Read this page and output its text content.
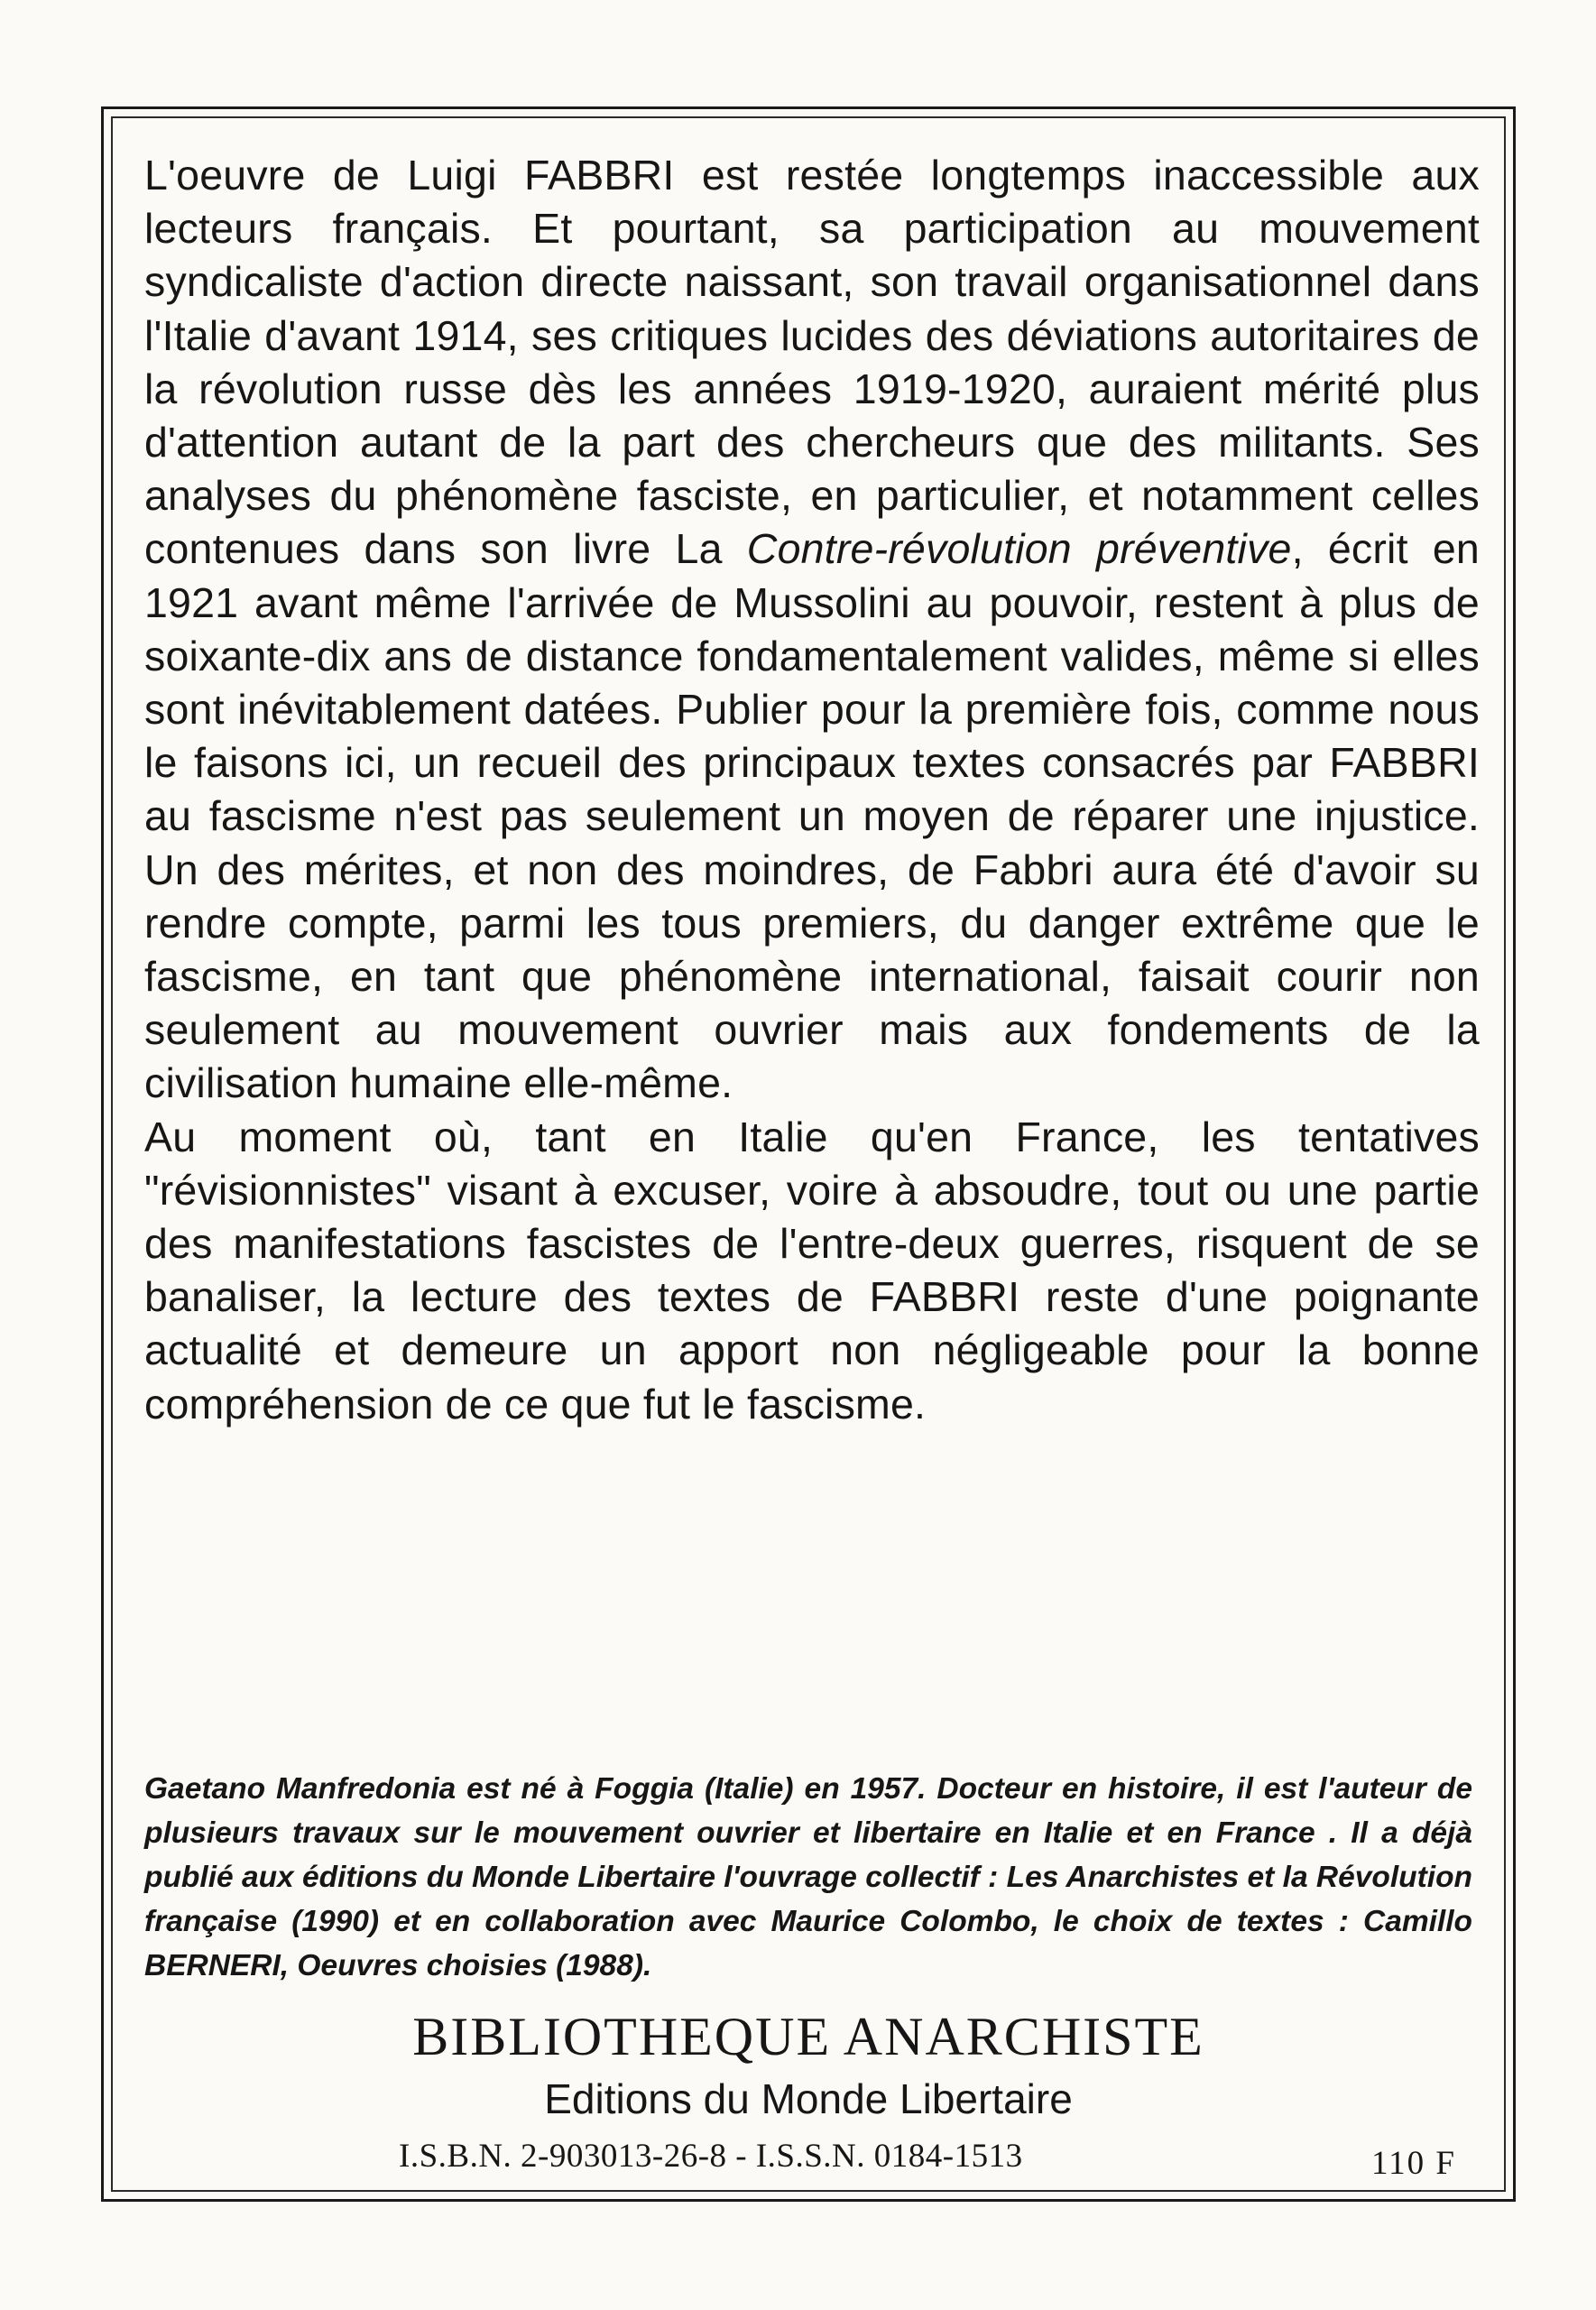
L'oeuvre de Luigi FABBRI est restée longtemps inaccessible aux lecteurs français. Et pourtant, sa participation au mouvement syndicaliste d'action directe naissant, son travail organisationnel dans l'Italie d'avant 1914, ses critiques lucides des déviations autoritaires de la révolution russe dès les années 1919-1920, auraient mérité plus d'attention autant de la part des chercheurs que des militants. Ses analyses du phénomène fasciste, en particulier, et notamment celles contenues dans son livre La Contre-révolution préventive, écrit en 1921 avant même l'arrivée de Mussolini au pouvoir, restent à plus de soixante-dix ans de distance fondamentalement valides, même si elles sont inévitablement datées. Publier pour la première fois, comme nous le faisons ici, un recueil des principaux textes consacrés par FABBRI au fascisme n'est pas seulement un moyen de réparer une injustice. Un des mérites, et non des moindres, de Fabbri aura été d'avoir su rendre compte, parmi les tous premiers, du danger extrême que le fascisme, en tant que phénomène international, faisait courir non seulement au mouvement ouvrier mais aux fondements de la civilisation humaine elle-même.

Au moment où, tant en Italie qu'en France, les tentatives "révisionnistes" visant à excuser, voire à absoudre, tout ou une partie des manifestations fascistes de l'entre-deux guerres, risquent de se banaliser, la lecture des textes de FABBRI reste d'une poignante actualité et demeure un apport non négligeable pour la bonne compréhension de ce que fut le fascisme.

Gaetano Manfredonia est né à Foggia (Italie) en 1957. Docteur en histoire, il est l'auteur de plusieurs travaux sur le mouvement ouvrier et libertaire en Italie et en France . Il a déjà publié aux éditions du Monde Libertaire l'ouvrage collectif : Les Anarchistes et la Révolution française (1990) et en collaboration avec Maurice Colombo, le choix de textes : Camillo BERNERI, Oeuvres choisies (1988).

BIBLIOTHEQUE ANARCHISTE
Editions du Monde Libertaire
I.S.B.N. 2-903013-26-8 - I.S.S.N. 0184-1513	110 F
